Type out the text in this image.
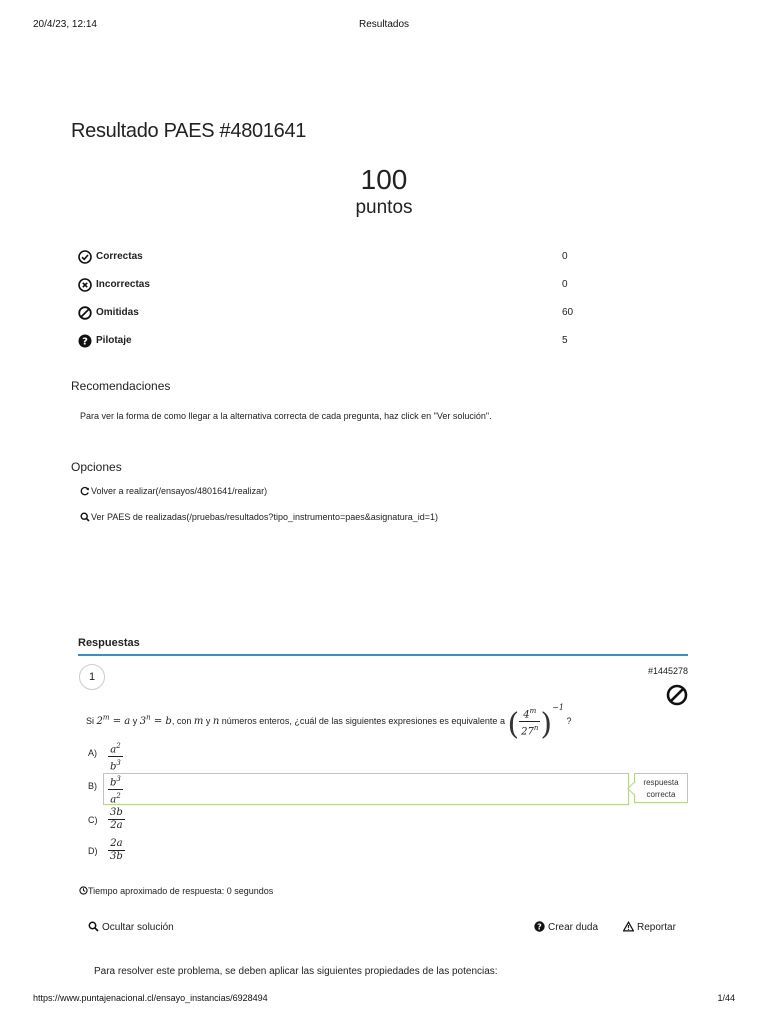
20/4/23, 12:14	Resultados
Resultado PAES #4801641
100
puntos
Correctas	0
Incorrectas	0
Omitidas	60
? Pilotaje	5
Recomendaciones
Para ver la forma de como llegar a la alternativa correcta de cada pregunta, haz click en "Ver solución".
Opciones
Volver a realizar(/ensayos/4801641/realizar)
Ver PAES de realizadas(/pruebas/resultados?tipo_instrumento=paes&asignatura_id=1)
Respuestas
1	#1445278
Si $2^m = a$ y $3^n = b$, con m y n números enteros, ¿cuál de las siguientes expresiones es equivalente a ( $\frac{4^m}{27^n} )^{-1}$ ?
respuesta
correcta
$A) \frac{a^2}{b^3}$
$B) \frac{b^3}{a^2}$
$C) \frac{3b}{2a}$
$D) \frac{2a}{3b}$
Tiempo aproximado de respuesta: 0 segundos
Ocultar solución	? Crear duda	Reportar
Para resolver este problema, se deben aplicar las siguientes propiedades de las potencias:
https://www.puntajenacional.cl/ensayo_instancias/6928494	1/44
